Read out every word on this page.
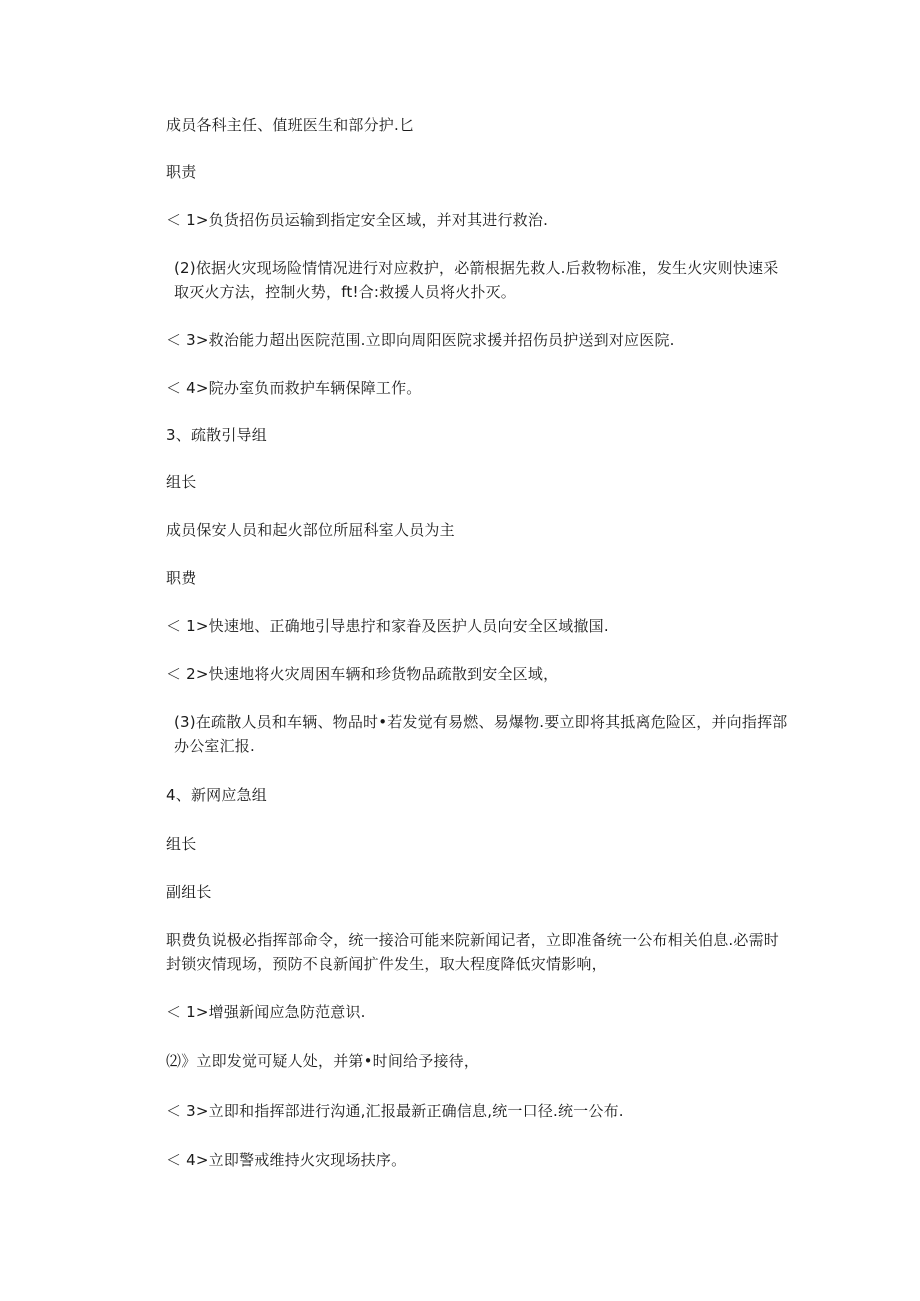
成员各科主任、值班医生和部分护.匕
职责
＜ 1>负货招伤员运输到指定安全区域，并对其进行救治.
(2)依据火灾现场险情情况进行对应救护，必箭根据先救人.后救物标准，发生火灾则快速采取灭火方法，控制火势，ft!合:救援人员将火扑灭。
＜ 3>救治能力超出医院范围.立即向周阳医院求援并招伤员护送到对应医院.
＜ 4>院办室负而救护车辆保障工作。
3、疏散引导组
组长
成员保安人员和起火部位所屈科室人员为主
职费
＜ 1>快速地、正确地引导患拧和家眷及医护人员向安全区域撤国.
＜ 2>快速地将火灾周困车辆和珍货物品疏散到安全区域，
(3)在疏散人员和车辆、物品时•若发觉有易燃、易爆物.要立即将其抵离危险区，并向指挥部办公室汇报.
4、新网应急组
组长
副组长
职费负说极必指挥部命令，统一接洽可能来院新闻记者，立即准备统一公布相关伯息.必需时封锁灾情现场，预防不良新闻扩件发生，取大程度降低灾情影响，
＜ 1>增强新闻应急防范意识.
⑵》立即发觉可疑人处，并第•时间给予接待，
＜ 3>立即和指挥部进行沟通,汇报最新正确信息,统一口径.统一公布.
＜ 4>立即警戒维持火灾现场扶序。
